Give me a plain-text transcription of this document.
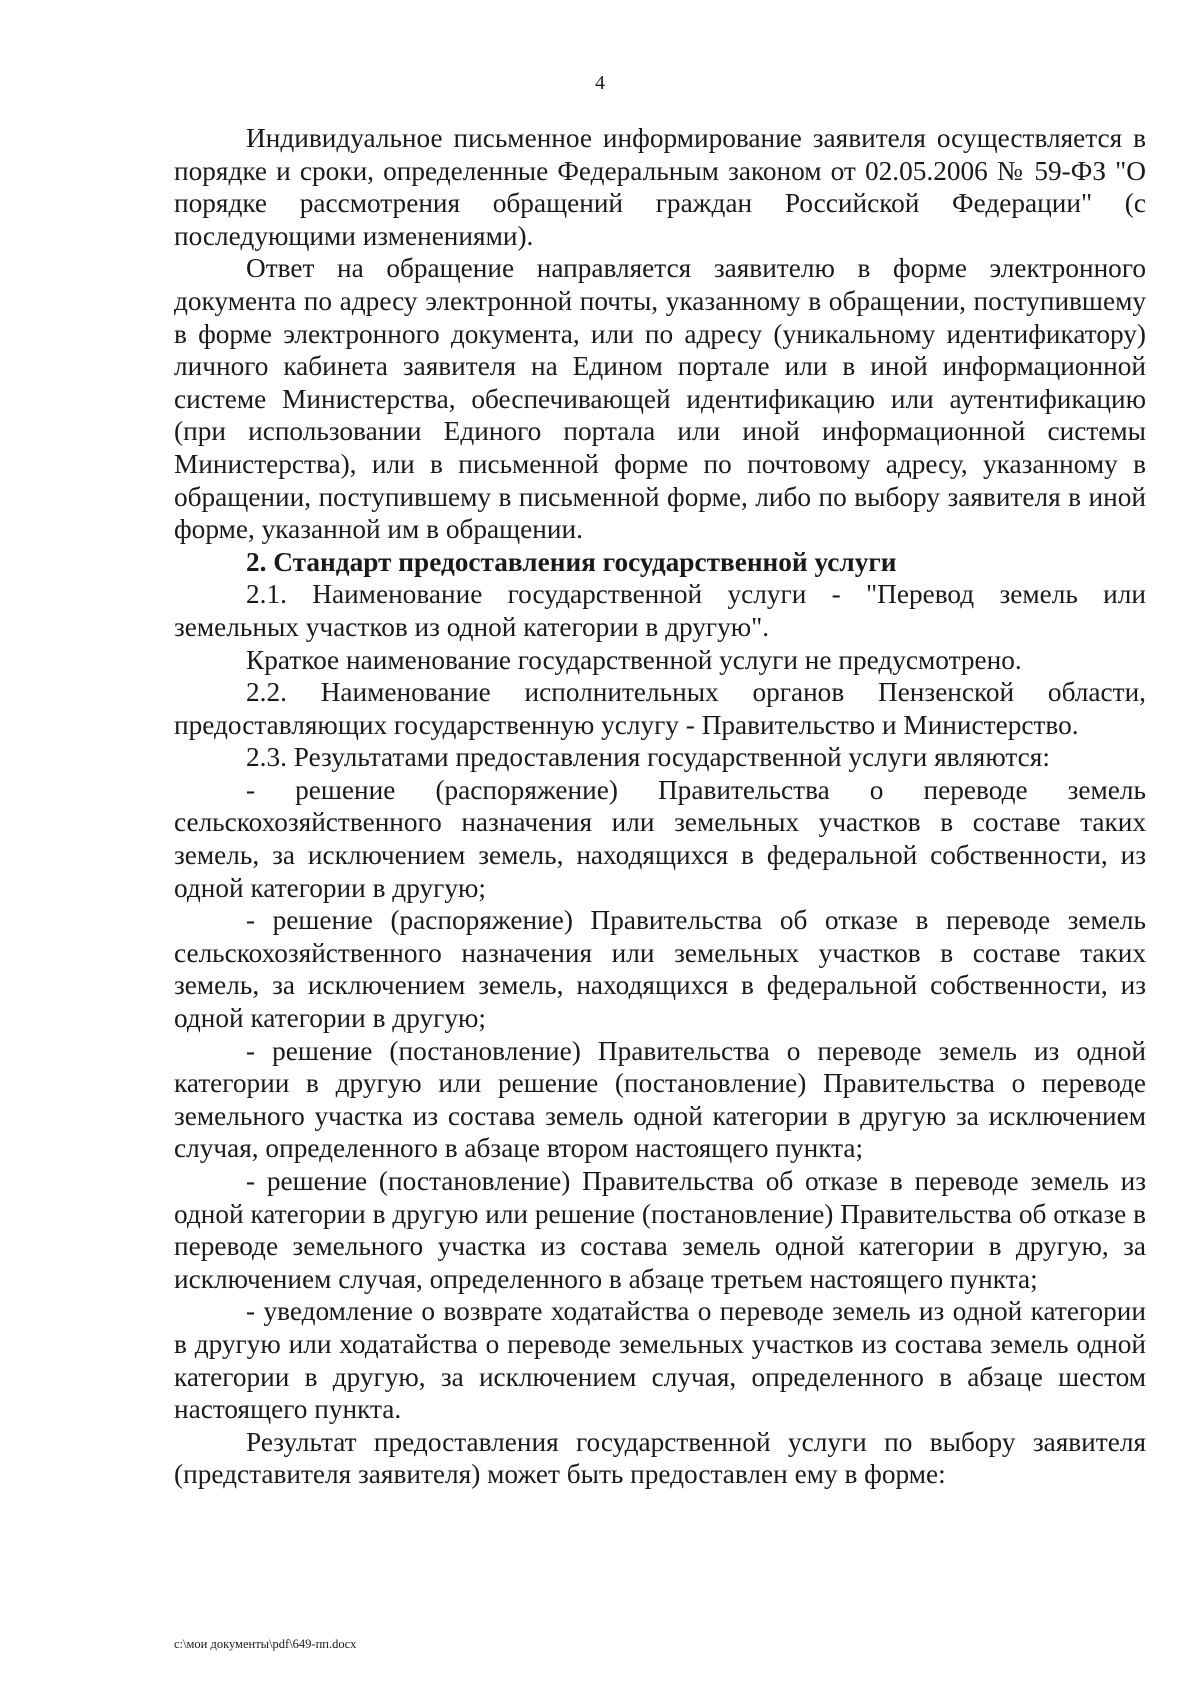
4

Индивидуальное письменное информирование заявителя осуществляется в порядке и сроки, определенные Федеральным законом от 02.05.2006 № 59-ФЗ "О порядке рассмотрения обращений граждан Российской Федерации" (с последующими изменениями).

Ответ на обращение направляется заявителю в форме электронного документа по адресу электронной почты, указанному в обращении, поступившему в форме электронного документа, или по адресу (уникальному идентификатору) личного кабинета заявителя на Едином портале или в иной информационной системе Министерства, обеспечивающей идентификацию или аутентификацию (при использовании Единого портала или иной информационной системы Министерства), или в письменной форме по почтовому адресу, указанному в обращении, поступившему в письменной форме, либо по выбору заявителя в иной форме, указанной им в обращении.

2. Стандарт предоставления государственной услуги

2.1. Наименование государственной услуги - "Перевод земель или земельных участков из одной категории в другую".

Краткое наименование государственной услуги не предусмотрено.

2.2. Наименование исполнительных органов Пензенской области, предоставляющих государственную услугу - Правительство и Министерство.

2.3. Результатами предоставления государственной услуги являются:

- решение (распоряжение) Правительства о переводе земель сельскохозяйственного назначения или земельных участков в составе таких земель, за исключением земель, находящихся в федеральной собственности, из одной категории в другую;

- решение (распоряжение) Правительства об отказе в переводе земель сельскохозяйственного назначения или земельных участков в составе таких земель, за исключением земель, находящихся в федеральной собственности, из одной категории в другую;

- решение (постановление) Правительства о переводе земель из одной категории в другую или решение (постановление) Правительства о переводе земельного участка из состава земель одной категории в другую за исключением случая, определенного в абзаце втором настоящего пункта;

- решение (постановление) Правительства об отказе в переводе земель из одной категории в другую или решение (постановление) Правительства об отказе в переводе земельного участка из состава земель одной категории в другую, за исключением случая, определенного в абзаце третьем настоящего пункта;

- уведомление о возврате ходатайства о переводе земель из одной категории в другую или ходатайства о переводе земельных участков из состава земель одной категории в другую, за исключением случая, определенного в абзаце шестом настоящего пункта.

Результат предоставления государственной услуги по выбору заявителя (представителя заявителя) может быть предоставлен ему в форме:

c:\мои документы\pdf\649-пп.docx
